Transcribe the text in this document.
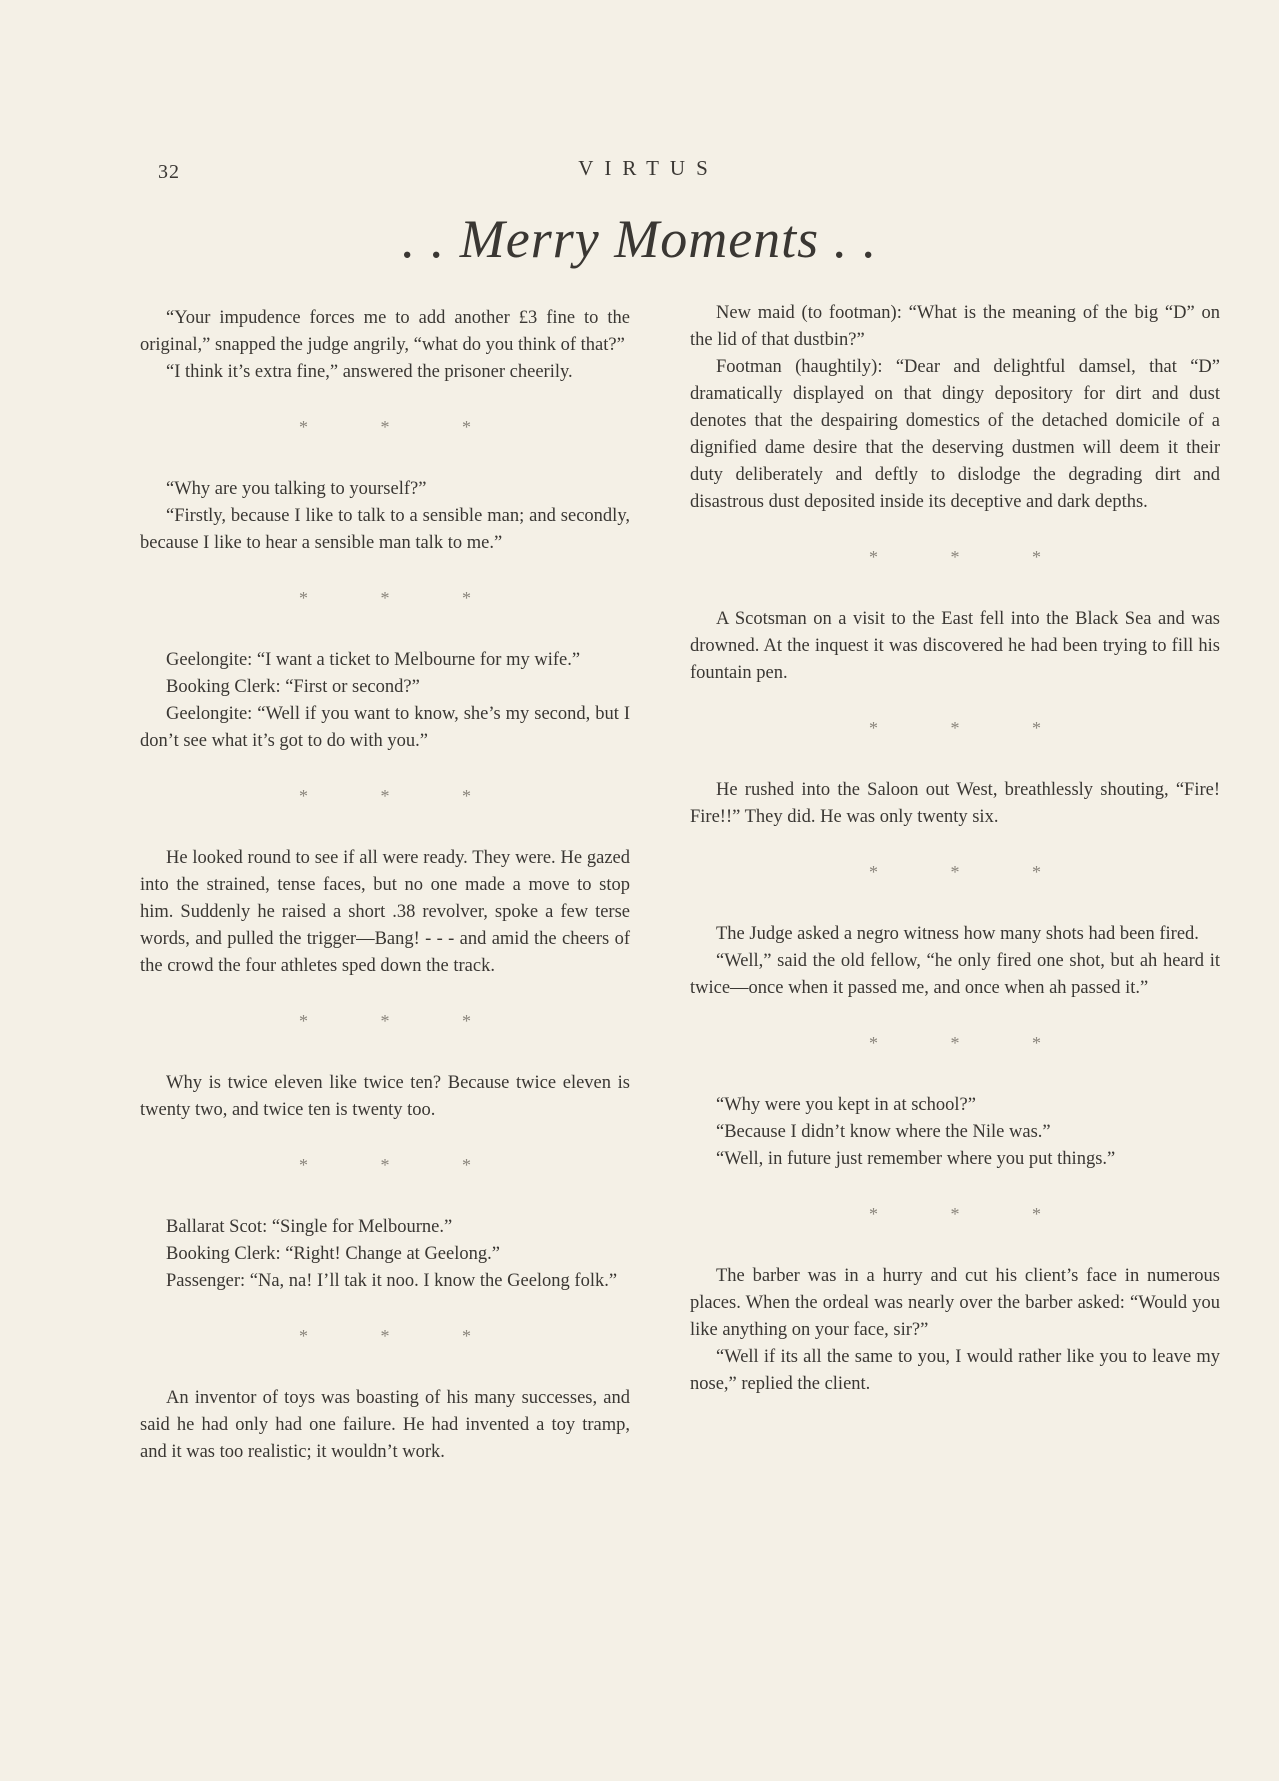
32	VIRTUS
. . Merry Moments . .

“Your impudence forces me to add another £3 fine to the original,” snapped the judge angrily, “what do you think of that?”

“I think it’s extra fine,” answered the prisoner cheerily.

* * *

“Why are you talking to yourself?”

“Firstly, because I like to talk to a sensible man; and secondly, because I like to hear a sensible man talk to me.”

* * *

Geelongite: “I want a ticket to Melbourne for my wife.”

Booking Clerk: “First or second?”

Geelongite: “Well if you want to know, she’s my second, but I don’t see what it’s got to do with you.”

* * *

He looked round to see if all were ready. They were. He gazed into the strained, tense faces, but no one made a move to stop him. Suddenly he raised a short .38 revolver, spoke a few terse words, and pulled the trigger—Bang! - - - and amid the cheers of the crowd the four athletes sped down the track.

* * *

Why is twice eleven like twice ten? Because twice eleven is twenty two, and twice ten is twenty too.

* * *

Ballarat Scot: “Single for Melbourne.”

Booking Clerk: “Right! Change at Geelong.”

Passenger: “Na, na! I’ll tak it noo. I know the Geelong folk.”

* * *

An inventor of toys was boasting of his many successes, and said he had only had one failure. He had invented a toy tramp, and it was too realistic; it wouldn’t work.

New maid (to footman): “What is the meaning of the big “D” on the lid of that dustbin?”

Footman (haughtily): “Dear and delightful damsel, that “D” dramatically displayed on that dingy depository for dirt and dust denotes that the despairing domestics of the detached domicile of a dignified dame desire that the deserving dustmen will deem it their duty deliberately and deftly to dislodge the degrading dirt and disastrous dust deposited inside its deceptive and dark depths.

* * *

A Scotsman on a visit to the East fell into the Black Sea and was drowned. At the inquest it was discovered he had been trying to fill his fountain pen.

* * *

He rushed into the Saloon out West, breathlessly shouting, “Fire! Fire!!” They did. He was only twenty six.

* * *

The Judge asked a negro witness how many shots had been fired.

“Well,” said the old fellow, “he only fired one shot, but ah heard it twice—once when it passed me, and once when ah passed it.”

* * *

“Why were you kept in at school?”

“Because I didn’t know where the Nile was.”

“Well, in future just remember where you put things.”

* * *

The barber was in a hurry and cut his client’s face in numerous places. When the ordeal was nearly over the barber asked: “Would you like anything on your face, sir?”

“Well if its all the same to you, I would rather like you to leave my nose,” replied the client.
